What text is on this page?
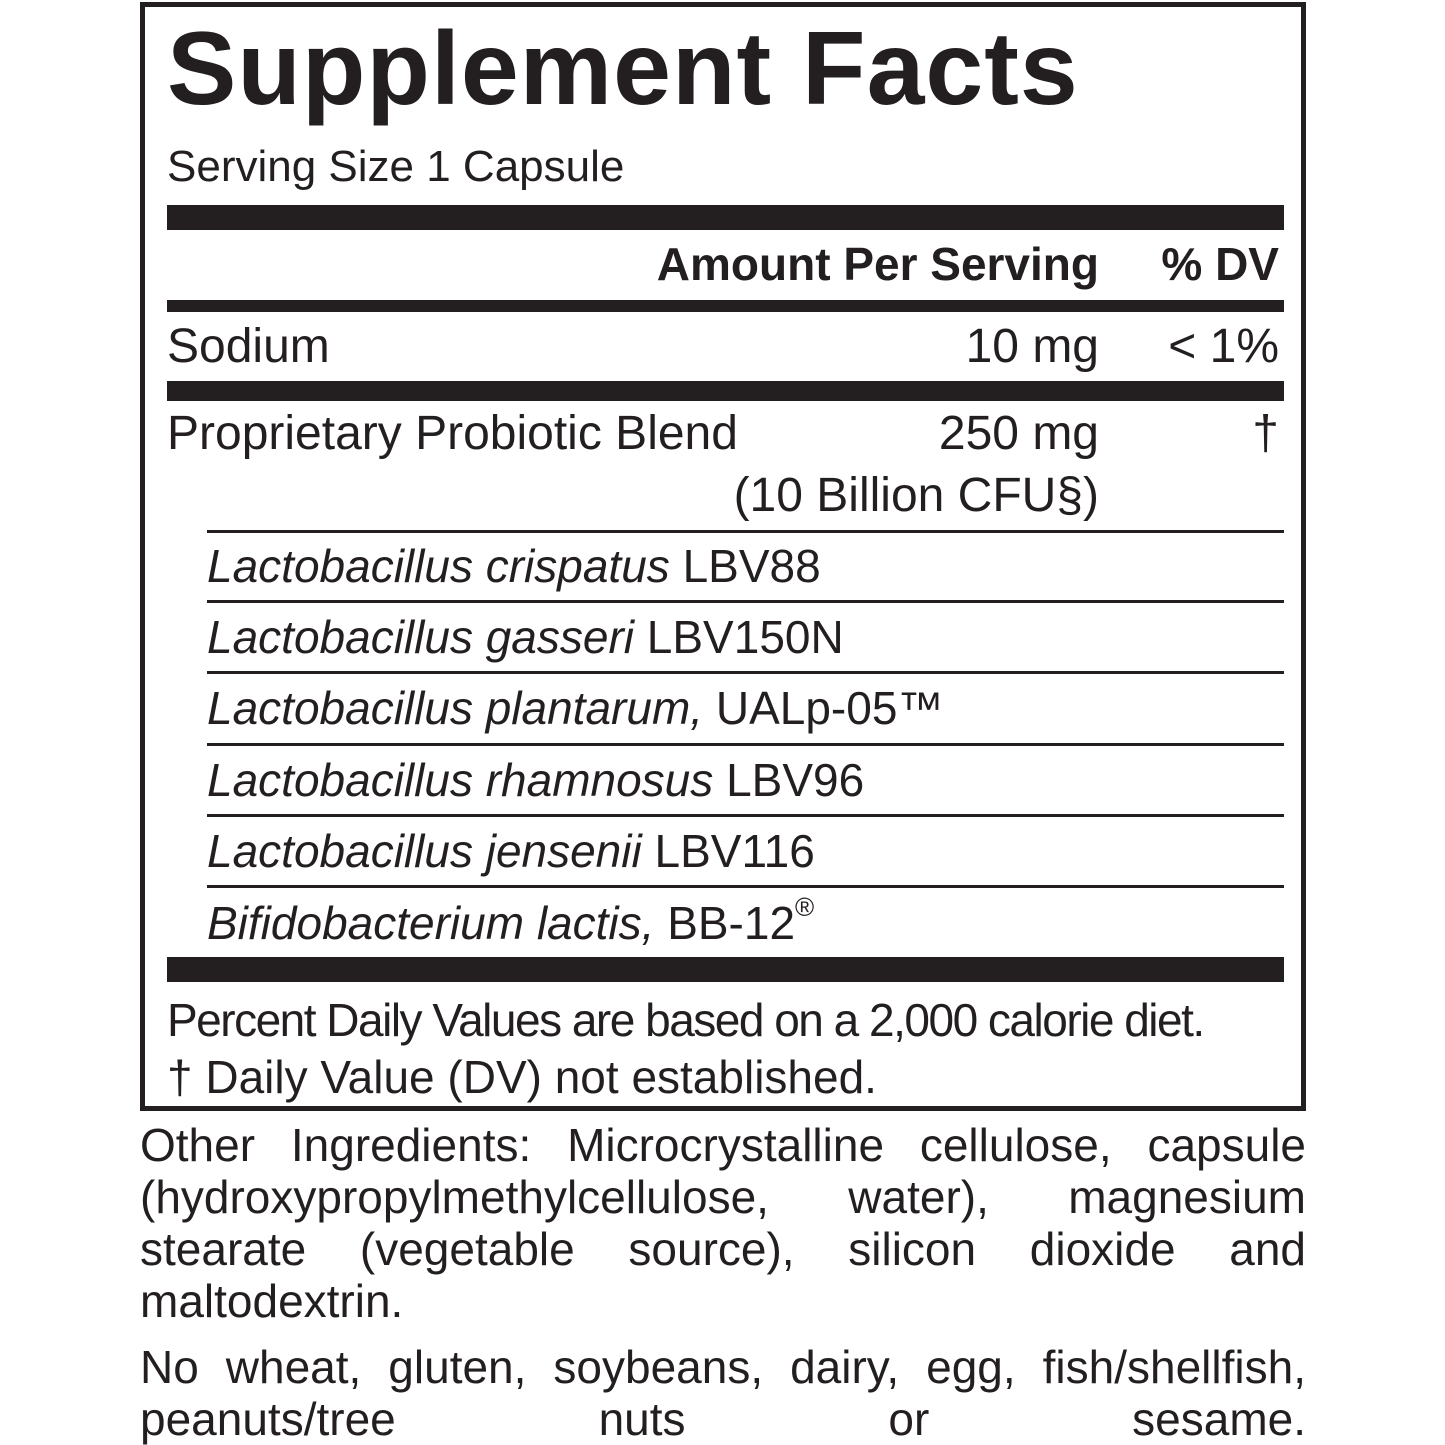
Supplement Facts
Serving Size 1 Capsule
Amount Per Serving % DV
Sodium	10 mg < 1%
Proprietary Probiotic Blend	250 mg
(10 Billion CFU§)
†
Lactobacillus crispatus LBV88
Lactobacillus gasseri LBV150N
Lactobacillus plantarum, UALp-05™
Lactobacillus rhamnosus LBV96
Lactobacillus jensenii LBV116
Bifidobacterium lactis, BB-12®
Percent Daily Values are based on a 2,000 calorie diet.
† Daily Value (DV) not established.

Other Ingredients: Microcrystalline cellulose, capsule (hydroxypropylmethylcellulose, water), magnesium stearate (vegetable source), silicon dioxide and maltodextrin.

No wheat, gluten, soybeans, dairy, egg, fish/shellfish, peanuts/tree nuts or sesame.
